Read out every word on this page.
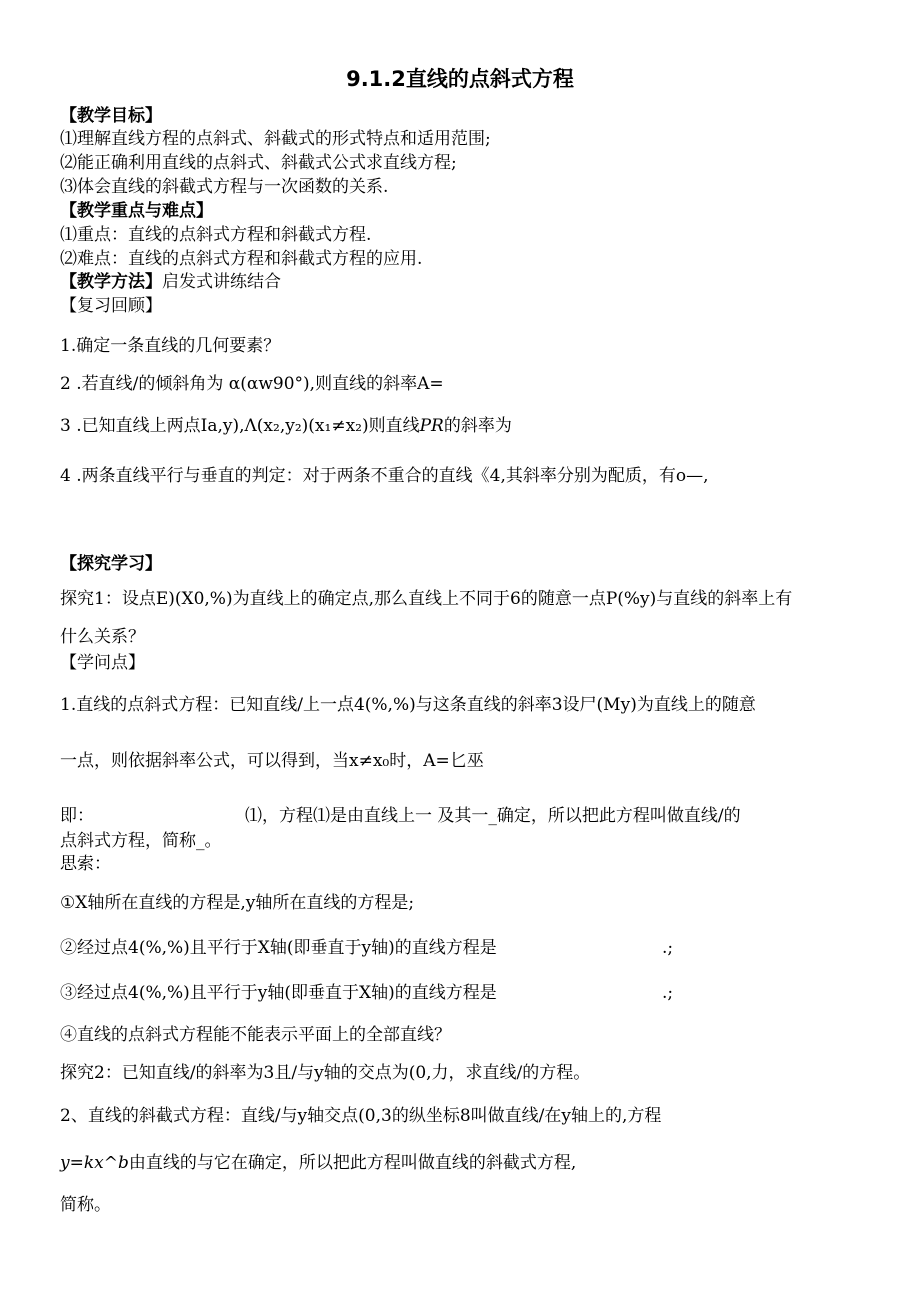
9.1.2直线的点斜式方程
【教学目标】
⑴理解直线方程的点斜式、斜截式的形式特点和适用范围;
⑵能正确利用直线的点斜式、斜截式公式求直线方程;
⑶体会直线的斜截式方程与一次函数的关系.
【教学重点与难点】
⑴重点：直线的点斜式方程和斜截式方程.
⑵难点：直线的点斜式方程和斜截式方程的应用.
【教学方法】启发式讲练结合
【复习回顾】
1.确定一条直线的几何要素？
2 .若直线/的倾斜角为 α(αw90°),则直线的斜率A=
3 .已知直线上两点Ia,y),Λ(x₂,y₂)(x₁≠x₂)则直线PR的斜率为
4 .两条直线平行与垂直的判定：对于两条不重合的直线《4,其斜率分别为配质，有o—,
【探究学习】
探究1：设点E)(X0,%)为直线上的确定点,那么直线上不同于6的随意一点P(%y)与直线的斜率上有
什么关系？
【学问点】
1.直线的点斜式方程：已知直线/上一点4(%,%)与这条直线的斜率3设尸(My)为直线上的随意
一点，则依据斜率公式，可以得到，当x≠x₀时，A=匕巫
即：	⑴，方程⑴是由直线上一 及其一_确定，所以把此方程叫做直线/的
点斜式方程，简称_。
思索：
①X轴所在直线的方程是,y轴所在直线的方程是;
②经过点4(%,%)且平行于X轴(即垂直于y轴)的直线方程是	.;
③经过点4(%,%)且平行于y轴(即垂直于X轴)的直线方程是	.;
④直线的点斜式方程能不能表示平面上的全部直线？
探究2：已知直线/的斜率为3且/与y轴的交点为(0,力，求直线/的方程。
2、直线的斜截式方程：直线/与y轴交点(0,3的纵坐标8叫做直线/在y轴上的,方程
y=kx^b由直线的与它在确定，所以把此方程叫做直线的斜截式方程,
简称。
